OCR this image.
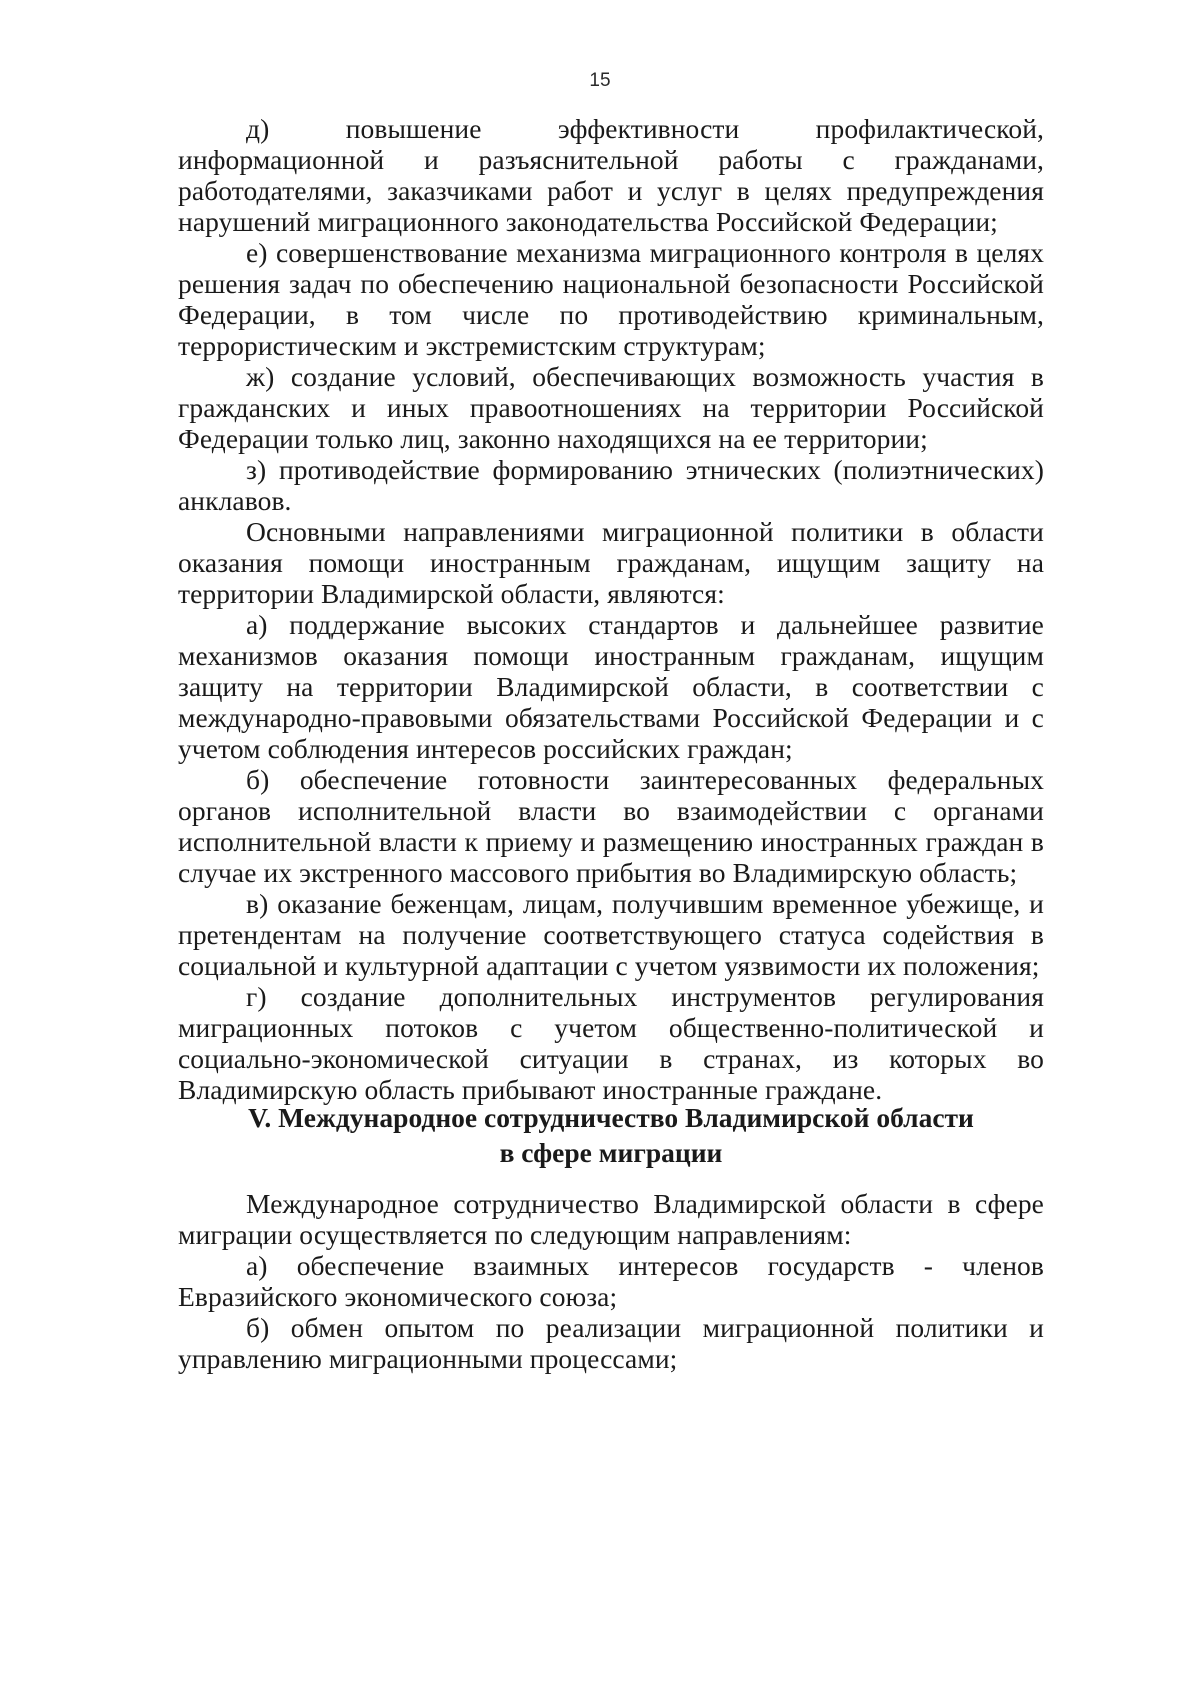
15

д) повышение эффективности профилактической, информационной и разъяснительной работы с гражданами, работодателями, заказчиками работ и услуг в целях предупреждения нарушений миграционного законодательства Российской Федерации;

е) совершенствование механизма миграционного контроля в целях решения задач по обеспечению национальной безопасности Российской Федерации, в том числе по противодействию криминальным, террористическим и экстремистским структурам;

ж) создание условий, обеспечивающих возможность участия в гражданских и иных правоотношениях на территории Российской Федерации только лиц, законно находящихся на ее территории;

з) противодействие формированию этнических (полиэтнических) анклавов.

Основными направлениями миграционной политики в области оказания помощи иностранным гражданам, ищущим защиту на территории Владимирской области, являются:

а) поддержание высоких стандартов и дальнейшее развитие механизмов оказания помощи иностранным гражданам, ищущим защиту на территории Владимирской области, в соответствии с международно-правовыми обязательствами Российской Федерации и с учетом соблюдения интересов российских граждан;

б) обеспечение готовности заинтересованных федеральных органов исполнительной власти во взаимодействии с органами исполнительной власти к приему и размещению иностранных граждан в случае их экстренного массового прибытия во Владимирскую область;

в) оказание беженцам, лицам, получившим временное убежище, и претендентам на получение соответствующего статуса содействия в социальной и культурной адаптации с учетом уязвимости их положения;

г) создание дополнительных инструментов регулирования миграционных потоков с учетом общественно-политической и социально-экономической ситуации в странах, из которых во Владимирскую область прибывают иностранные граждане.

V. Международное сотрудничество Владимирской области
в сфере миграции

Международное сотрудничество Владимирской области в сфере миграции осуществляется по следующим направлениям:

а) обеспечение взаимных интересов государств - членов Евразийского экономического союза;

б) обмен опытом по реализации миграционной политики и управлению миграционными процессами;
